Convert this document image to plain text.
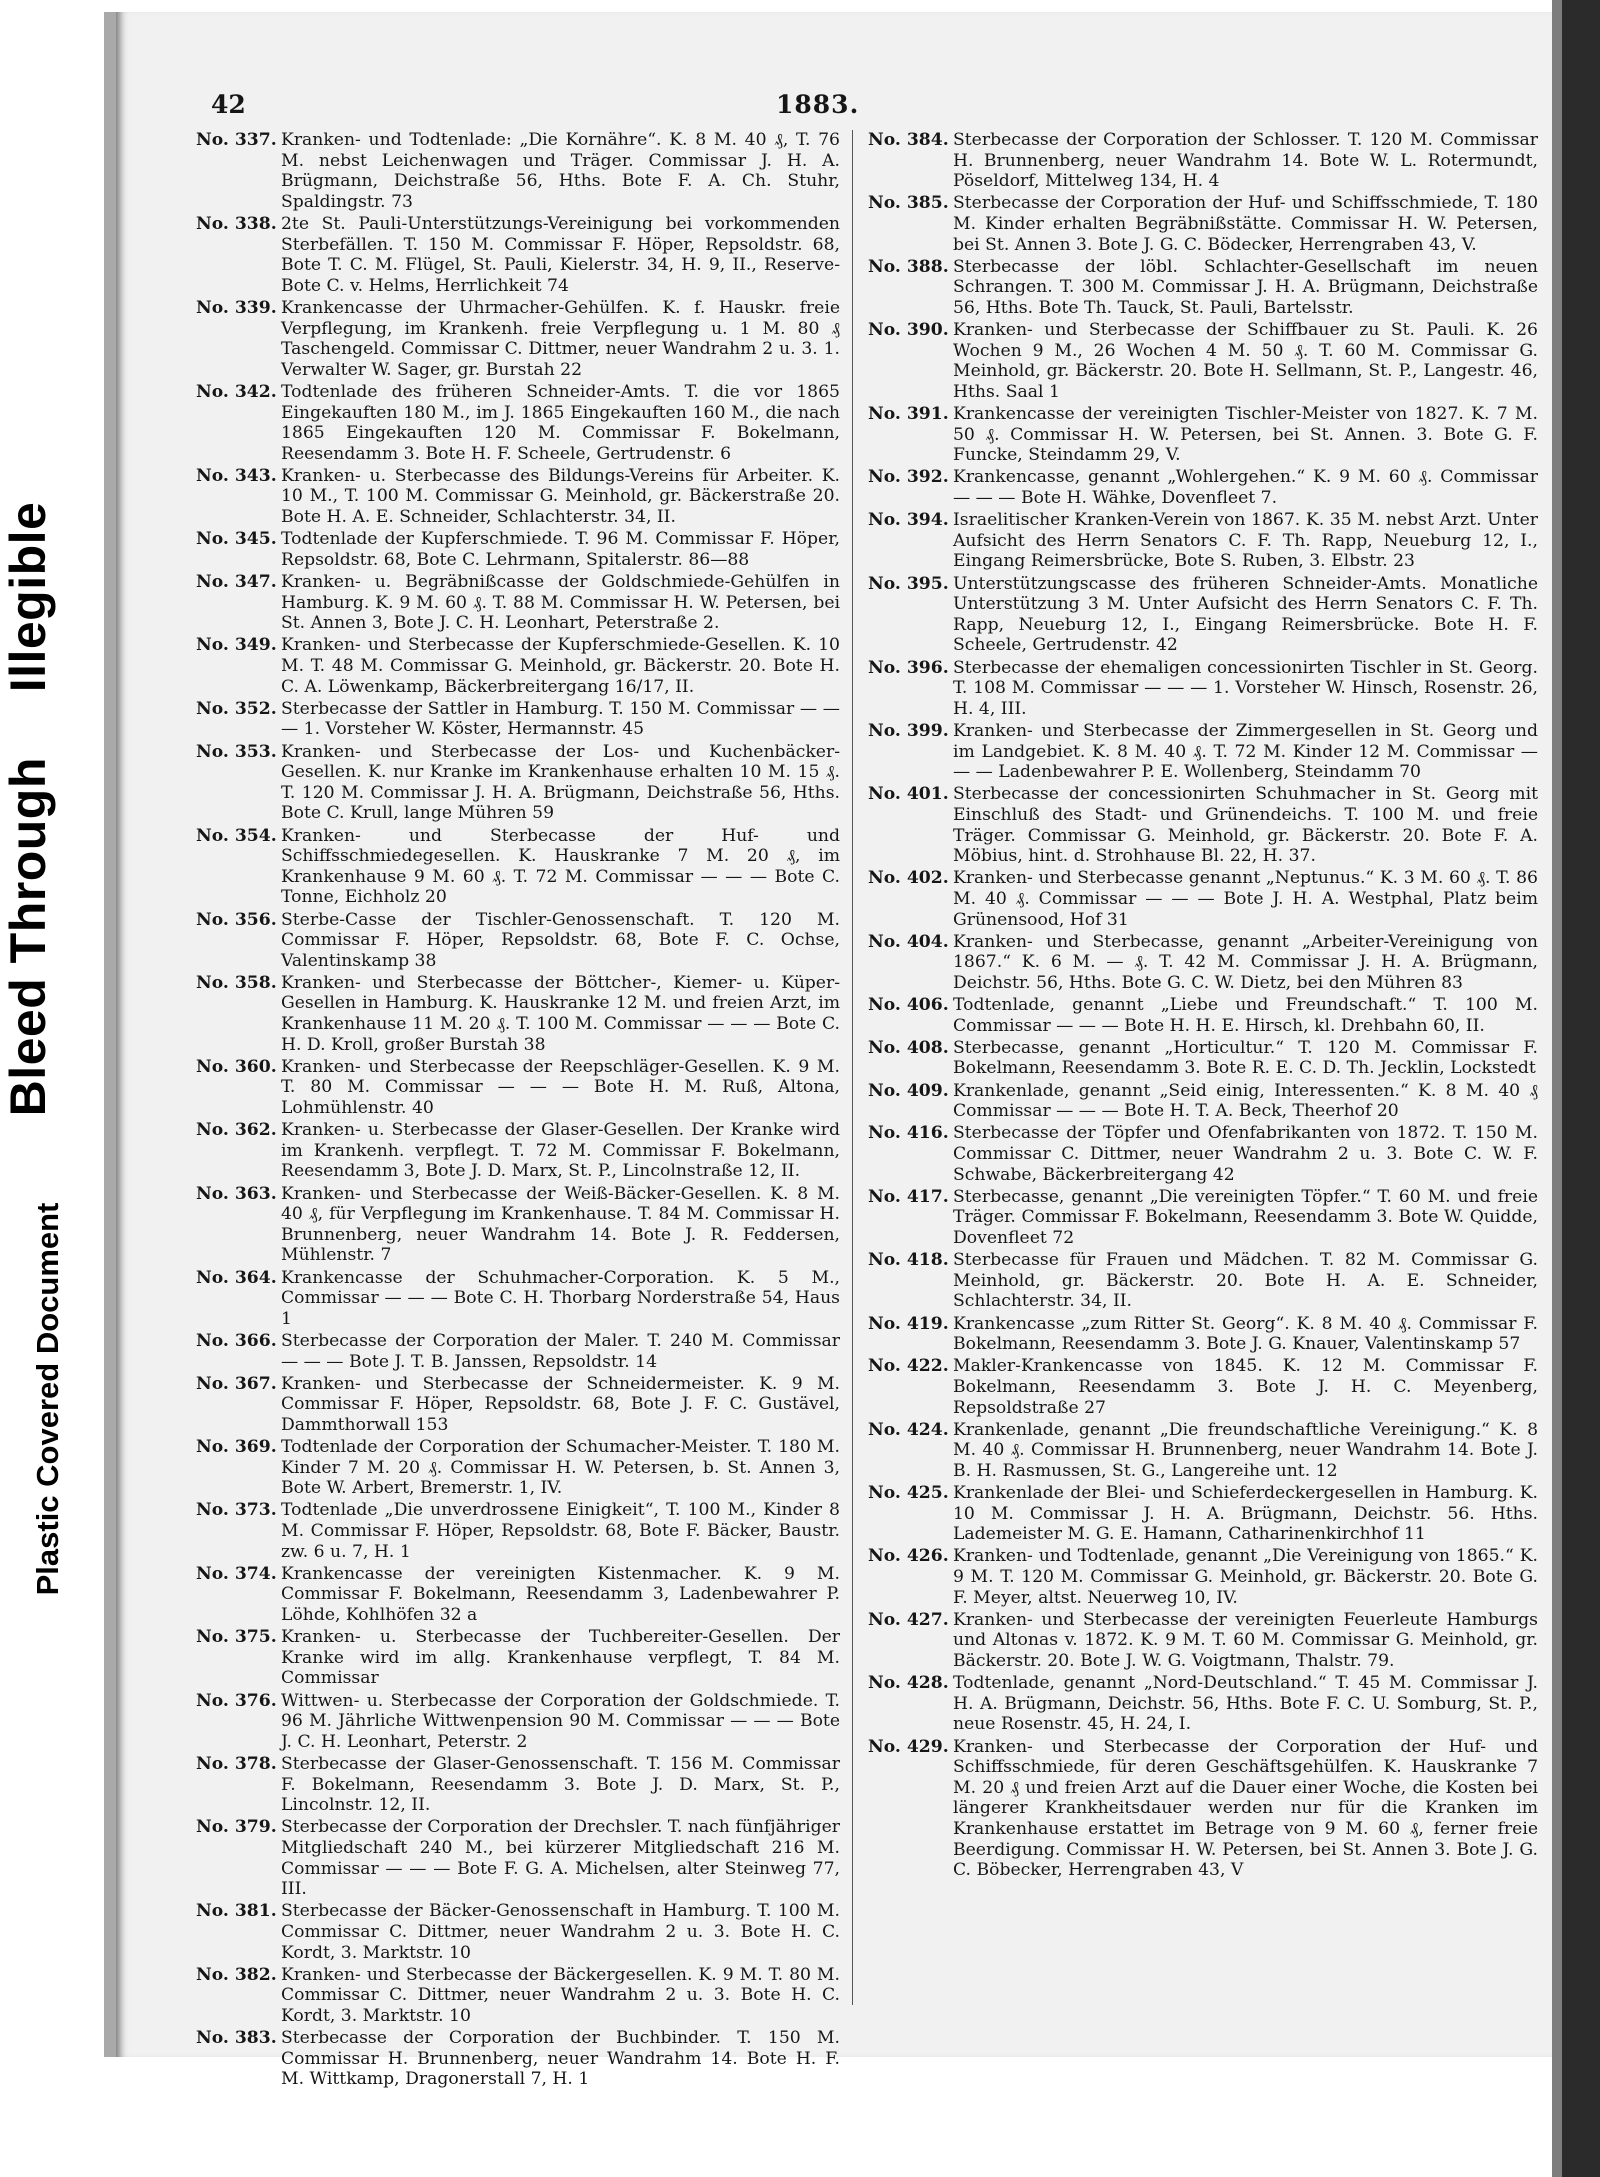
Bleed Through  Illegible
Plastic Covered Document
42	1883.
No. 337. Kranken- und Todtenlade: „Die Kornähre“. K. 8 M. 40 ₰, T. 76 M. nebst Leichenwagen und Träger. Commissar J. H. A. Brügmann, Deichstraße 56, Hths. Bote F. A. Ch. Stuhr, Spaldingstr. 73
No. 338. 2te St. Pauli-Unterstützungs-Vereinigung bei vorkommenden Sterbefällen. T. 150 M. Commissar F. Höper, Repsoldstr. 68, Bote T. C. M. Flügel, St. Pauli, Kielerstr. 34, H. 9, II., Reserve-Bote C. v. Helms, Herrlichkeit 74
No. 339. Krankencasse der Uhrmacher-Gehülfen. K. f. Hauskr. freie Verpflegung, im Krankenh. freie Verpflegung u. 1 M. 80 ₰ Taschengeld. Commissar C. Dittmer, neuer Wandrahm 2 u. 3. 1. Verwalter W. Sager, gr. Burstah 22
No. 342. Todtenlade des früheren Schneider-Amts. T. die vor 1865 Eingekauften 180 M., im J. 1865 Eingekauften 160 M., die nach 1865 Eingekauften 120 M. Commissar F. Bokelmann, Reesendamm 3. Bote H. F. Scheele, Gertrudenstr. 6
No. 343. Kranken- u. Sterbecasse des Bildungs-Vereins für Arbeiter. K. 10 M., T. 100 M. Commissar G. Meinhold, gr. Bäckerstraße 20. Bote H. A. E. Schneider, Schlachterstr. 34, II.
No. 345. Todtenlade der Kupferschmiede. T. 96 M. Commissar F. Höper, Repsoldstr. 68, Bote C. Lehrmann, Spitalerstr. 86—88
No. 347. Kranken- u. Begräbnißcasse der Goldschmiede-Gehülfen in Hamburg. K. 9 M. 60 ₰. T. 88 M. Commissar H. W. Petersen, bei St. Annen 3, Bote J. C. H. Leonhart, Peterstraße 2.
No. 349. Kranken- und Sterbecasse der Kupferschmiede-Gesellen. K. 10 M. T. 48 M. Commissar G. Meinhold, gr. Bäckerstr. 20. Bote H. C. A. Löwenkamp, Bäckerbreitergang 16/17, II.
No. 352. Sterbecasse der Sattler in Hamburg. T. 150 M. Commissar — — — 1. Vorsteher W. Köster, Hermannstr. 45
No. 353. Kranken- und Sterbecasse der Los- und Kuchenbäcker-Gesellen. K. nur Kranke im Krankenhause erhalten 10 M. 15 ₰. T. 120 M. Commissar J. H. A. Brügmann, Deichstraße 56, Hths. Bote C. Krull, lange Mühren 59
No. 354. Kranken- und Sterbecasse der Huf- und Schiffsschmiedegesellen. K. Hauskranke 7 M. 20 ₰, im Krankenhause 9 M. 60 ₰. T. 72 M. Commissar — — — Bote C. Tonne, Eichholz 20
No. 356. Sterbe-Casse der Tischler-Genossenschaft. T. 120 M. Commissar F. Höper, Repsoldstr. 68, Bote F. C. Ochse, Valentinskamp 38
No. 358. Kranken- und Sterbecasse der Böttcher-, Kiemer- u. Küper-Gesellen in Hamburg. K. Hauskranke 12 M. und freien Arzt, im Krankenhause 11 M. 20 ₰. T. 100 M. Commissar — — — Bote C. H. D. Kroll, großer Burstah 38
No. 360. Kranken- und Sterbecasse der Reepschläger-Gesellen. K. 9 M. T. 80 M. Commissar — — — Bote H. M. Ruß, Altona, Lohmühlenstr. 40
No. 362. Kranken- u. Sterbecasse der Glaser-Gesellen. Der Kranke wird im Krankenh. verpflegt. T. 72 M. Commissar F. Bokelmann, Reesendamm 3, Bote J. D. Marx, St. P., Lincolnstraße 12, II.
No. 363. Kranken- und Sterbecasse der Weiß-Bäcker-Gesellen. K. 8 M. 40 ₰, für Verpflegung im Krankenhause. T. 84 M. Commissar H. Brunnenberg, neuer Wandrahm 14. Bote J. R. Feddersen, Mühlenstr. 7
No. 364. Krankencasse der Schuhmacher-Corporation. K. 5 M., Commissar — — — Bote C. H. Thorbarg Norderstraße 54, Haus 1
No. 366. Sterbecasse der Corporation der Maler. T. 240 M. Commissar — — — Bote J. T. B. Janssen, Repsoldstr. 14
No. 367. Kranken- und Sterbecasse der Schneidermeister. K. 9 M. Commissar F. Höper, Repsoldstr. 68, Bote J. F. C. Gustävel, Dammthorwall 153
No. 369. Todtenlade der Corporation der Schumacher-Meister. T. 180 M. Kinder 7 M. 20 ₰. Commissar H. W. Petersen, b. St. Annen 3, Bote W. Arbert, Bremerstr. 1, IV.
No. 373. Todtenlade „Die unverdrossene Einigkeit“, T. 100 M., Kinder 8 M. Commissar F. Höper, Repsoldstr. 68, Bote F. Bäcker, Baustr. zw. 6 u. 7, H. 1
No. 374. Krankencasse der vereinigten Kistenmacher. K. 9 M. Commissar F. Bokelmann, Reesendamm 3, Ladenbewahrer P. Löhde, Kohlhöfen 32 a
No. 375. Kranken- u. Sterbecasse der Tuchbereiter-Gesellen. Der Kranke wird im allg. Krankenhause verpflegt, T. 84 M. Commissar
No. 376. Wittwen- u. Sterbecasse der Corporation der Goldschmiede. T. 96 M. Jährliche Wittwenpension 90 M. Commissar — — — Bote J. C. H. Leonhart, Peterstr. 2
No. 378. Sterbecasse der Glaser-Genossenschaft. T. 156 M. Commissar F. Bokelmann, Reesendamm 3. Bote J. D. Marx, St. P., Lincolnstr. 12, II.
No. 379. Sterbecasse der Corporation der Drechsler. T. nach fünfjähriger Mitgliedschaft 240 M., bei kürzerer Mitgliedschaft 216 M. Commissar — — — Bote F. G. A. Michelsen, alter Steinweg 77, III.
No. 381. Sterbecasse der Bäcker-Genossenschaft in Hamburg. T. 100 M. Commissar C. Dittmer, neuer Wandrahm 2 u. 3. Bote H. C. Kordt, 3. Marktstr. 10
No. 382. Kranken- und Sterbecasse der Bäckergesellen. K. 9 M. T. 80 M. Commissar C. Dittmer, neuer Wandrahm 2 u. 3. Bote H. C. Kordt, 3. Marktstr. 10
No. 383. Sterbecasse der Corporation der Buchbinder. T. 150 M. Commissar H. Brunnenberg, neuer Wandrahm 14. Bote H. F. M. Wittkamp, Dragonerstall 7, H. 1
No. 384. Sterbecasse der Corporation der Schlosser. T. 120 M. Commissar H. Brunnenberg, neuer Wandrahm 14. Bote W. L. Rotermundt, Pöseldorf, Mittelweg 134, H. 4
No. 385. Sterbecasse der Corporation der Huf- und Schiffsschmiede, T. 180 M. Kinder erhalten Begräbnißstätte. Commissar H. W. Petersen, bei St. Annen 3. Bote J. G. C. Bödecker, Herrengraben 43, V.
No. 388. Sterbecasse der löbl. Schlachter-Gesellschaft im neuen Schrangen. T. 300 M. Commissar J. H. A. Brügmann, Deichstraße 56, Hths. Bote Th. Tauck, St. Pauli, Bartelsstr.
No. 390. Kranken- und Sterbecasse der Schiffbauer zu St. Pauli. K. 26 Wochen 9 M., 26 Wochen 4 M. 50 ₰. T. 60 M. Commissar G. Meinhold, gr. Bäckerstr. 20. Bote H. Sellmann, St. P., Langestr. 46, Hths. Saal 1
No. 391. Krankencasse der vereinigten Tischler-Meister von 1827. K. 7 M. 50 ₰. Commissar H. W. Petersen, bei St. Annen. 3. Bote G. F. Funcke, Steindamm 29, V.
No. 392. Krankencasse, genannt „Wohlergehen.“ K. 9 M. 60 ₰. Commissar — — — Bote H. Wähke, Dovenfleet 7.
No. 394. Israelitischer Kranken-Verein von 1867. K. 35 M. nebst Arzt. Unter Aufsicht des Herrn Senators C. F. Th. Rapp, Neueburg 12, I., Eingang Reimersbrücke, Bote S. Ruben, 3. Elbstr. 23
No. 395. Unterstützungscasse des früheren Schneider-Amts. Monatliche Unterstützung 3 M. Unter Aufsicht des Herrn Senators C. F. Th. Rapp, Neueburg 12, I., Eingang Reimersbrücke. Bote H. F. Scheele, Gertrudenstr. 42
No. 396. Sterbecasse der ehemaligen concessionirten Tischler in St. Georg. T. 108 M. Commissar — — — 1. Vorsteher W. Hinsch, Rosenstr. 26, H. 4, III.
No. 399. Kranken- und Sterbecasse der Zimmergesellen in St. Georg und im Landgebiet. K. 8 M. 40 ₰. T. 72 M. Kinder 12 M. Commissar — — — Ladenbewahrer P. E. Wollenberg, Steindamm 70
No. 401. Sterbecasse der concessionirten Schuhmacher in St. Georg mit Einschluß des Stadt- und Grünendeichs. T. 100 M. und freie Träger. Commissar G. Meinhold, gr. Bäckerstr. 20. Bote F. A. Möbius, hint. d. Strohhause Bl. 22, H. 37.
No. 402. Kranken- und Sterbecasse genannt „Neptunus.“ K. 3 M. 60 ₰. T. 86 M. 40 ₰. Commissar — — — Bote J. H. A. Westphal, Platz beim Grünensood, Hof 31
No. 404. Kranken- und Sterbecasse, genannt „Arbeiter-Vereinigung von 1867.“ K. 6 M. — ₰. T. 42 M. Commissar J. H. A. Brügmann, Deichstr. 56, Hths. Bote G. C. W. Dietz, bei den Mühren 83
No. 406. Todtenlade, genannt „Liebe und Freundschaft.“ T. 100 M. Commissar — — — Bote H. H. E. Hirsch, kl. Drehbahn 60, II.
No. 408. Sterbecasse, genannt „Horticultur.“ T. 120 M. Commissar F. Bokelmann, Reesendamm 3. Bote R. E. C. D. Th. Jecklin, Lockstedt
No. 409. Krankenlade, genannt „Seid einig, Interessenten.“ K. 8 M. 40 ₰ Commissar — — — Bote H. T. A. Beck, Theerhof 20
No. 416. Sterbecasse der Töpfer und Ofenfabrikanten von 1872. T. 150 M. Commissar C. Dittmer, neuer Wandrahm 2 u. 3. Bote C. W. F. Schwabe, Bäckerbreitergang 42
No. 417. Sterbecasse, genannt „Die vereinigten Töpfer.“ T. 60 M. und freie Träger. Commissar F. Bokelmann, Reesendamm 3. Bote W. Quidde, Dovenfleet 72
No. 418. Sterbecasse für Frauen und Mädchen. T. 82 M. Commissar G. Meinhold, gr. Bäckerstr. 20. Bote H. A. E. Schneider, Schlachterstr. 34, II.
No. 419. Krankencasse „zum Ritter St. Georg“. K. 8 M. 40 ₰. Commissar F. Bokelmann, Reesendamm 3. Bote J. G. Knauer, Valentinskamp 57
No. 422. Makler-Krankencasse von 1845. K. 12 M. Commissar F. Bokelmann, Reesendamm 3. Bote J. H. C. Meyenberg, Repsoldstraße 27
No. 424. Krankenlade, genannt „Die freundschaftliche Vereinigung.“ K. 8 M. 40 ₰. Commissar H. Brunnenberg, neuer Wandrahm 14. Bote J. B. H. Rasmussen, St. G., Langereihe unt. 12
No. 425. Krankenlade der Blei- und Schieferdeckergesellen in Hamburg. K. 10 M. Commissar J. H. A. Brügmann, Deichstr. 56. Hths. Lademeister M. G. E. Hamann, Catharinenkirchhof 11
No. 426. Kranken- und Todtenlade, genannt „Die Vereinigung von 1865.“ K. 9 M. T. 120 M. Commissar G. Meinhold, gr. Bäckerstr. 20. Bote G. F. Meyer, altst. Neuerweg 10, IV.
No. 427. Kranken- und Sterbecasse der vereinigten Feuerleute Hamburgs und Altonas v. 1872. K. 9 M. T. 60 M. Commissar G. Meinhold, gr. Bäckerstr. 20. Bote J. W. G. Voigtmann, Thalstr. 79.
No. 428. Todtenlade, genannt „Nord-Deutschland.“ T. 45 M. Commissar J. H. A. Brügmann, Deichstr. 56, Hths. Bote F. C. U. Somburg, St. P., neue Rosenstr. 45, H. 24, I.
No. 429. Kranken- und Sterbecasse der Corporation der Huf- und Schiffsschmiede, für deren Geschäftsgehülfen. K. Hauskranke 7 M. 20 ₰ und freien Arzt auf die Dauer einer Woche, die Kosten bei längerer Krankheitsdauer werden nur für die Kranken im Krankenhause erstattet im Betrage von 9 M. 60 ₰, ferner freie Beerdigung. Commissar H. W. Petersen, bei St. Annen 3. Bote J. G. C. Böbecker, Herrengraben 43, V
